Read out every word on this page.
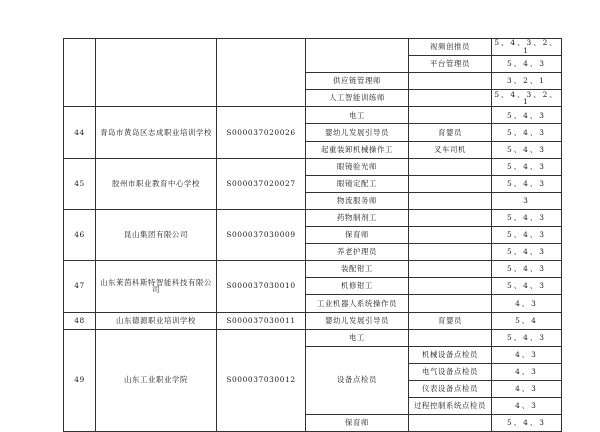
				视频创推员	5、4、3、2、1
				平台管理员	5、4、3
			供应链管理师		3、2、1
			人工智能训练师		5、4、3、2、1
44	青岛市黄岛区志成职业培训学校	S000037020026	电工		5、4、3
			婴幼儿发展引导员	育婴员	5、4、3
			起重装卸机械操作工	叉车司机	5、4、3
45	胶州市职业教育中心学校	S000037020027	眼镜验光师		5、4、3
			眼镜定配工		5、4、3
			物流服务师		3
46	昆山集团有限公司	S000037030009	药物制剂工		5、4、3
			保育师		5、4、3
			养老护理员		5、4、3
47	山东莱茵科斯特智能科技有限公司	S000037030010	装配钳工		5、4、3
			机修钳工		5、4、3
			工业机器人系统操作员		4、3
48	山东德源职业培训学校	S000037030011	婴幼儿发展引导员	育婴员	5、4
49	山东工业职业学院	S000037030012	电工		5、4、3
			设备点检员	机械设备点检员	4、3
				电气设备点检员	4、3
				仪表设备点检员	4、3
				过程控制系统点检员	4、3
			保育师		5、4、3
